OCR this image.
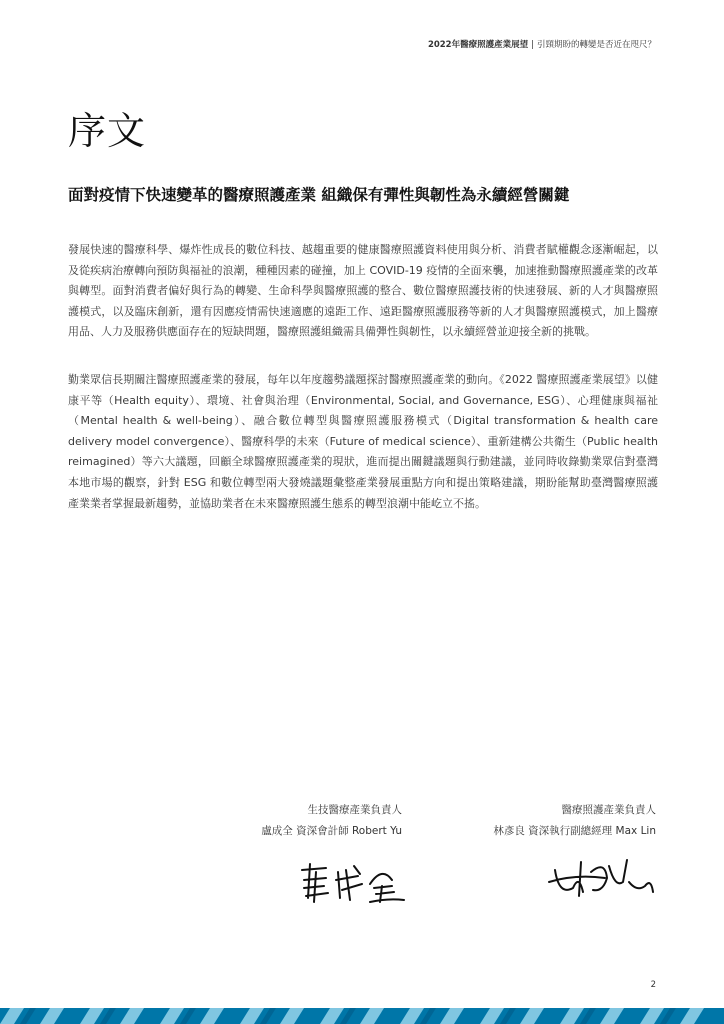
2022年醫療照護產業展望 | 引頸期盼的轉變是否近在咫尺？
序文
面對疫情下快速變革的醫療照護產業 組織保有彈性與韌性為永續經營關鍵

發展快速的醫療科學、爆炸性成長的數位科技、越趨重要的健康醫療照護資料使用與分析、消費者賦權觀念逐漸崛起，以及從疾病治療轉向預防與福祉的浪潮，種種因素的碰撞，加上 COVID-19 疫情的全面來襲，加速推動醫療照護產業的改革與轉型。面對消費者偏好與行為的轉變、生命科學與醫療照護的整合、數位醫療照護技術的快速發展、新的人才與醫療照護模式，以及臨床創新，還有因應疫情需快速適應的遠距工作、遠距醫療照護服務等新的人才與醫療照護模式，加上醫療用品、人力及服務供應面存在的短缺問題，醫療照護組織需具備彈性與韌性，以永續經營並迎接全新的挑戰。

勤業眾信長期關注醫療照護產業的發展，每年以年度趨勢議題探討醫療照護產業的動向。《2022 醫療照護產業展望》以健康平等（Health equity）、環境、社會與治理（Environmental, Social, and Governance, ESG）、心理健康與福祉（Mental health & well-being）、融合數位轉型與醫療照護服務模式（Digital transformation & health care delivery model convergence）、醫療科學的未來（Future of medical science）、重新建構公共衛生（Public health reimagined）等六大議題，回顧全球醫療照護產業的現狀，進而提出關鍵議題與行動建議，並同時收錄勤業眾信對臺灣本地市場的觀察，針對 ESG 和數位轉型兩大發燒議題彙整產業發展重點方向和提出策略建議，期盼能幫助臺灣醫療照護產業業者掌握最新趨勢，並協助業者在未來醫療照護生態系的轉型浪潮中能屹立不搖。

生技醫療產業負責人
盧成全 資深會計師 Robert Yu
醫療照護產業負責人
林彥良 資深執行副總經理 Max Lin
2
